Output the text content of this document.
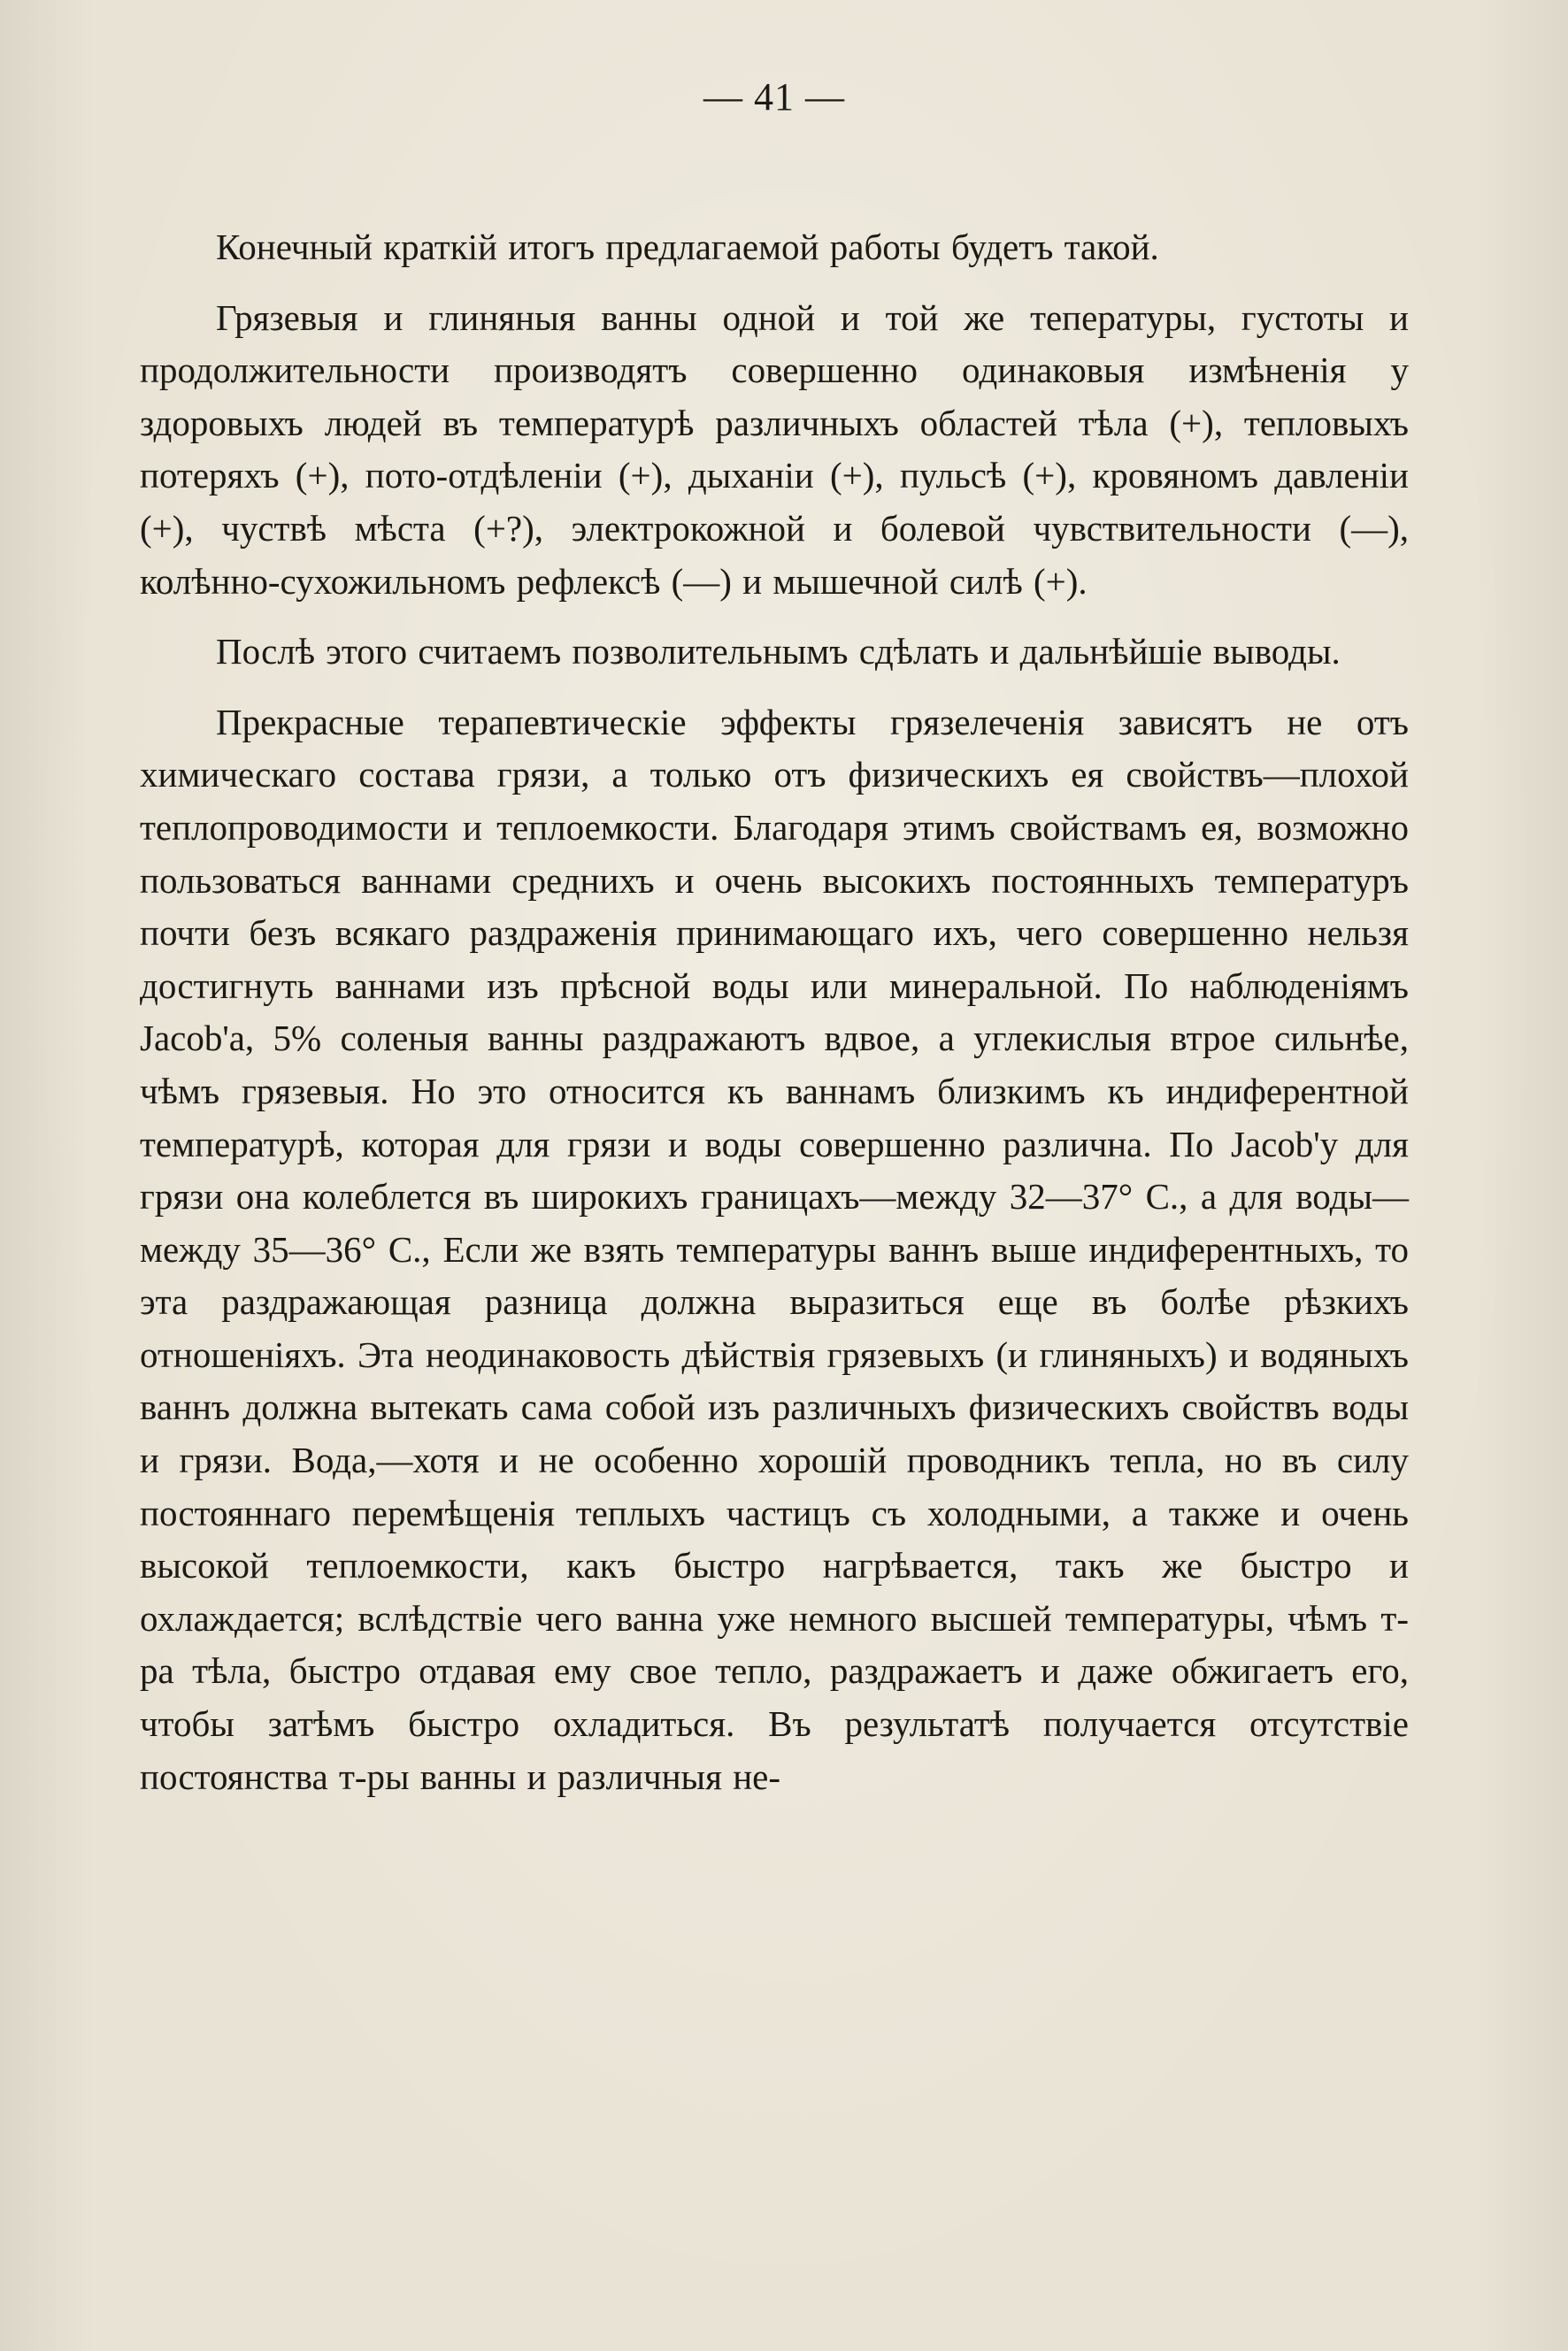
— 41 —

Конечный краткій итогъ предлагаемой работы будетъ такой.

Грязевыя и глиняныя ванны одной и той же тепературы, густоты и продолжительности производятъ совершенно одинаковыя измѣненія у здоровыхъ людей въ температурѣ различныхъ областей тѣла (+), тепловыхъ потеряхъ (+), пото-отдѣленіи (+), дыханіи (+), пульсѣ (+), кровяномъ давленіи (+), чуствѣ мѣста (+?), электрокожной и болевой чувствительности (—), колѣнно-сухожильномъ рефлексѣ (—) и мышечной силѣ (+).

Послѣ этого считаемъ позволительнымъ сдѣлать и дальнѣйшіе выводы.

Прекрасные терапевтическіе эффекты грязелеченія зависятъ не отъ химическаго состава грязи, а только отъ физическихъ ея свойствъ—плохой теплопроводимости и теплоемкости. Благодаря этимъ свойствамъ ея, возможно пользоваться ваннами среднихъ и очень высокихъ постоянныхъ температуръ почти безъ всякаго раздраженія принимающаго ихъ, чего совершенно нельзя достигнуть ваннами изъ прѣсной воды или минеральной. По наблюденіямъ Jacob'а, 5% соленыя ванны раздражаютъ вдвое, а углекислыя втрое сильнѣе, чѣмъ грязевыя. Но это относится къ ваннамъ близкимъ къ индиферентной температурѣ, которая для грязи и воды совершенно различна. По Jacob'у для грязи она колеблется въ широкихъ границахъ—между 32—37° С., а для воды—между 35—36° С., Если же взять температуры ваннъ выше индиферентныхъ, то эта раздражающая разница должна выразиться еще въ болѣе рѣзкихъ отношеніяхъ. Эта неодинаковость дѣйствія грязевыхъ (и глиняныхъ) и водяныхъ ваннъ должна вытекать сама собой изъ различныхъ физическихъ свойствъ воды и грязи. Вода,—хотя и не особенно хорошій проводникъ тепла, но въ силу постояннаго перемѣщенія теплыхъ частицъ съ холодными, а также и очень высокой теплоемкости, какъ быстро нагрѣвается, такъ же быстро и охлаждается; вслѣдствіе чего ванна уже немного высшей температуры, чѣмъ т-ра тѣла, быстро отдавая ему свое тепло, раздражаетъ и даже обжигаетъ его, чтобы затѣмъ быстро охладиться. Въ результатѣ получается отсутствіе постоянства т-ры ванны и различныя не-
